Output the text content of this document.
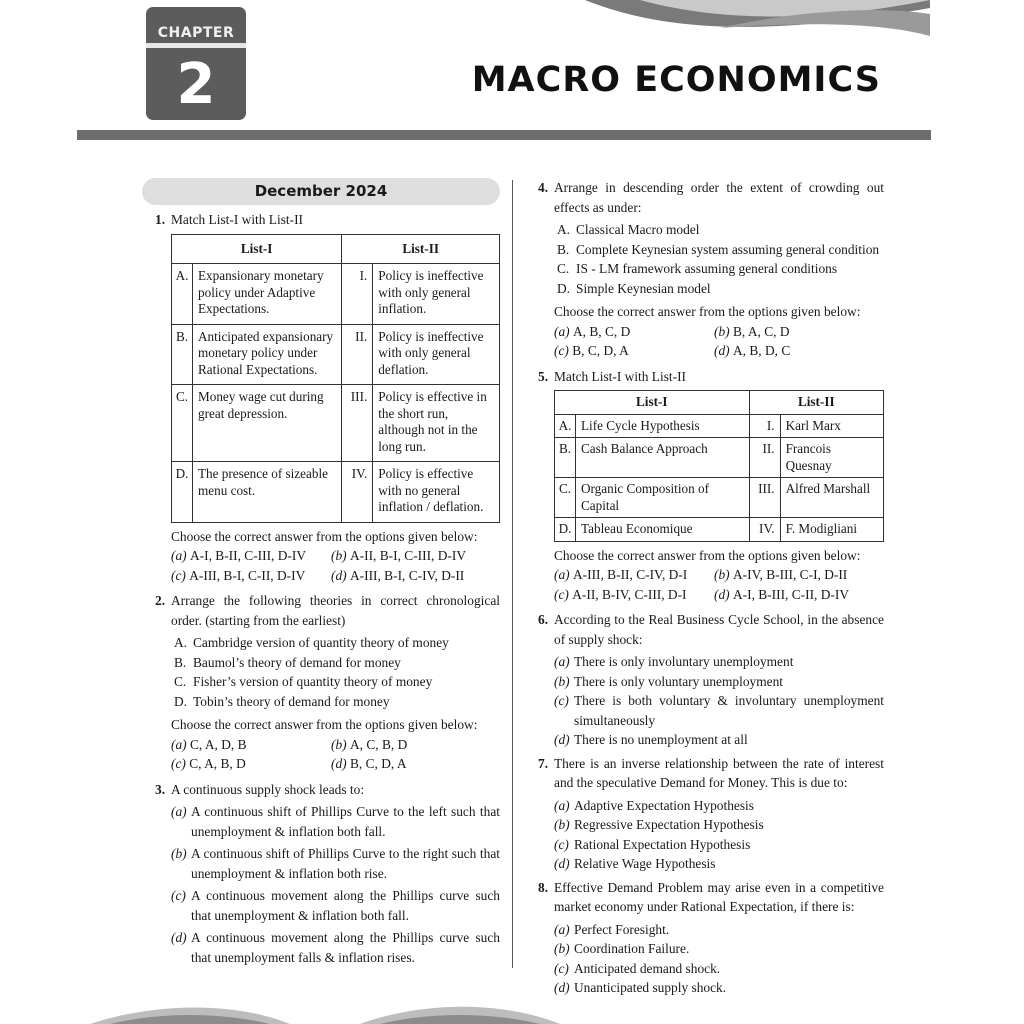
CHAPTER
2	MACRO ECONOMICS
December 2024
1. Match List-I with List-II
List-I		List-II	
A.	Expansionary monetary policy under Adaptive Expectations.	I.	Policy is ineffective with only general inflation.
B.	Anticipated expansionary monetary policy under Rational Expectations.	II.	Policy is ineffective with only general deflation.
C.	Money wage cut during great depression.	III.	Policy is effective in the short run, although not in the long run.
D.	The presence of sizeable menu cost.	IV.	Policy is effective with no general inflation / deflation.
Choose the correct answer from the options given below:
(a)
A-I, B-II, C-III, D-IV (b)
A-II, B-I, C-III, D-IV
(c)
A-III, B-I, C-II, D-IV (d)
A-III, B-I, C-IV, D-II
2. Arrange the following theories in correct chronological order. (starting from the earliest)
A. Cambridge version of quantity theory of money
B. Baumol’s theory of demand for money
C. Fisher’s version of quantity theory of money
D. Tobin’s theory of demand for money
Choose the correct answer from the options given below:
(a)
C, A, D, B	(b)
A, C, B, D
(c)
C, A, B, D	(d)
B, C, D, A
3. A continuous supply shock leads to:
(a) A continuous shift of Phillips Curve to the left such that unemployment & inflation both fall.
(b) A continuous shift of Phillips Curve to the right such that unemployment & inflation both rise.
(c) A continuous movement along the Phillips curve such that unemployment & inflation both fall.
(d) A continuous movement along the Phillips curve such that unemployment falls & inflation rises.
4. Arrange in descending order the extent of crowding out effects as under:
A. Classical Macro model
B. Complete Keynesian system assuming general condition
C. IS - LM framework assuming general conditions
D. Simple Keynesian model
Choose the correct answer from the options given below:
(a)
A, B, C, D	(b)
B, A, C, D
(c)
B, C, D, A	(d)
A, B, D, C
5. Match List-I with List-II
List-I		List-II	
A.	Life Cycle Hypothesis	I.	Karl Marx
B.	Cash Balance Approach	II.	Francois Quesnay
C.	Organic Composition of Capital	III.	Alfred Marshall
D.	Tableau Economique	IV.	F. Modigliani
Choose the correct answer from the options given below:
(a)
A-III, B-II, C-IV, D-I (b)
A-IV, B-III, C-I, D-II
(c)
A-II, B-IV, C-III, D-I (d)
A-I, B-III, C-II, D-IV
6. According to the Real Business Cycle School, in the absence of supply shock:
(a) There is only involuntary unemployment
(b) There is only voluntary unemployment
(c) There is both voluntary & involuntary unemployment simultaneously
(d) There is no unemployment at all
7. There is an inverse relationship between the rate of interest and the speculative Demand for Money. This is due to:
(a) Adaptive Expectation Hypothesis
(b) Regressive Expectation Hypothesis
(c) Rational Expectation Hypothesis
(d) Relative Wage Hypothesis
8. Effective Demand Problem may arise even in a competitive market economy under Rational Expectation, if there is:
(a) Perfect Foresight.
(b) Coordination Failure.
(c) Anticipated demand shock.
(d) Unanticipated supply shock.
